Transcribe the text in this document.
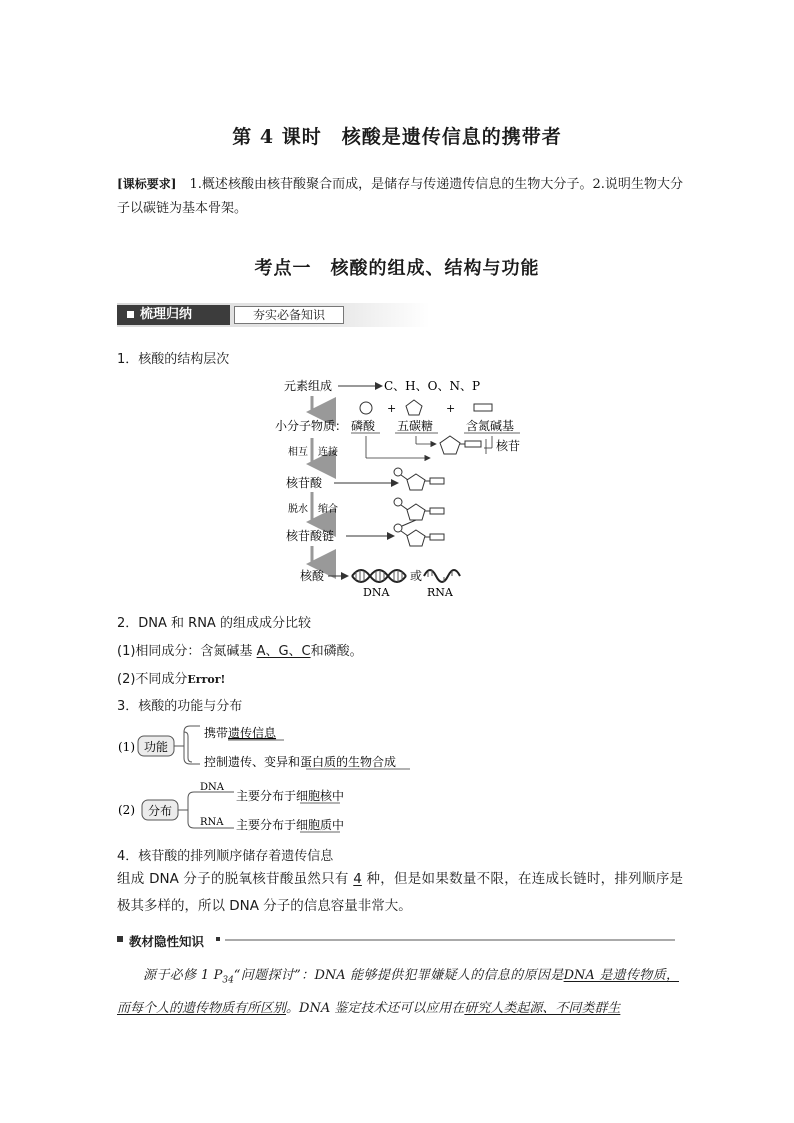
第 4 课时　核酸是遗传信息的携带者
[课标要求]　1.概述核酸由核苷酸聚合而成，是储存与传递遗传信息的生物大分子。2.说明生物大分子以碳链为基本骨架。
考点一　核酸的组成、结构与功能
梳理归纳	夯实必备知识
1．核酸的结构层次
元素组成	C、H、O、N、P
+	+
小分子物质： 磷酸 五碳糖	含氮碱基
核苷
相互 连接
核苷酸
脱水 缩合
核苷酸链
核酸	或
DNA	RNA
2．DNA 和 RNA 的组成成分比较
(1)相同成分：含氮碱基 A、G、C和磷酸。
(2)不同成分Error!
3．核酸的功能与分布
(1) 功能
携带遗传信息
控制遗传、变异和蛋白质的生物合成
(2) 分布
DNA
RNA
主要分布于细胞核中
主要分布于细胞质中
4．核苷酸的排列顺序储存着遗传信息
组成 DNA 分子的脱氧核苷酸虽然只有 4 种，但是如果数量不限，在连成长链时，排列顺序是极其多样的，所以 DNA 分子的信息容量非常大。
教材隐性知识
源于必修 1 $P_{34}“$问题探讨”：DNA 能够提供犯罪嫌疑人的信息的原因是DNA 是遗传物质，而每个人的遗传物质有所区别。DNA 鉴定技术还可以应用在研究人类起源、不同类群生
